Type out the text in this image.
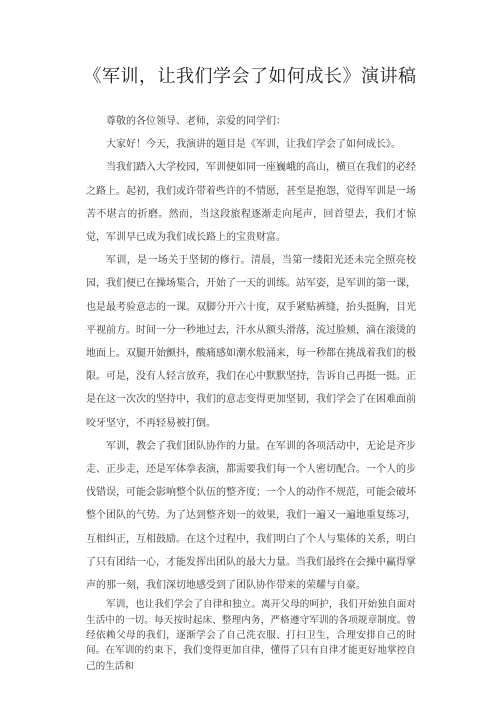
《军训，让我们学会了如何成长》演讲稿

尊敬的各位领导、老师，亲爱的同学们：

大家好！今天，我演讲的题目是《军训，让我们学会了如何成长》。

当我们踏入大学校园，军训便如同一座巍峨的高山，横亘在我们的必经之路上。起初，我们或许带着些许的不情愿，甚至是抱怨，觉得军训是一场苦不堪言的折磨。然而，当这段旅程逐渐走向尾声，回首望去，我们才惊觉，军训早已成为我们成长路上的宝贵财富。

军训，是一场关于坚韧的修行。清晨，当第一缕阳光还未完全照亮校园，我们便已在操场集合，开始了一天的训练。站军姿，是军训的第一课，也是最考验意志的一课。双脚分开六十度，双手紧贴裤缝，抬头挺胸，目光平视前方。时间一分一秒地过去，汗水从额头滑落，流过脸颊，滴在滚烫的地面上。双腿开始颤抖，酸痛感如潮水般涌来，每一秒都在挑战着我们的极限。可是，没有人轻言放弃，我们在心中默默坚持，告诉自己再挺一挺。正是在这一次次的坚持中，我们的意志变得更加坚韧，我们学会了在困难面前咬牙坚守，不再轻易被打倒。

军训，教会了我们团队协作的力量。在军训的各项活动中，无论是齐步走、正步走，还是军体拳表演，都需要我们每一个人密切配合。一个人的步伐错误，可能会影响整个队伍的整齐度；一个人的动作不规范，可能会破坏整个团队的气势。为了达到整齐划一的效果，我们一遍又一遍地重复练习，互相纠正，互相鼓励。在这个过程中，我们明白了个人与集体的关系，明白了只有团结一心，才能发挥出团队的最大力量。当我们最终在会操中赢得掌声的那一刻，我们深切地感受到了团队协作带来的荣耀与自豪。

军训，也让我们学会了自律和独立。离开父母的呵护，我们开始独自面对生活中的一切。每天按时起床、整理内务，严格遵守军训的各项规章制度。曾经依赖父母的我们，逐渐学会了自己洗衣服、打扫卫生，合理安排自己的时间。在军训的约束下，我们变得更加自律，懂得了只有自律才能更好地掌控自己的生活和
